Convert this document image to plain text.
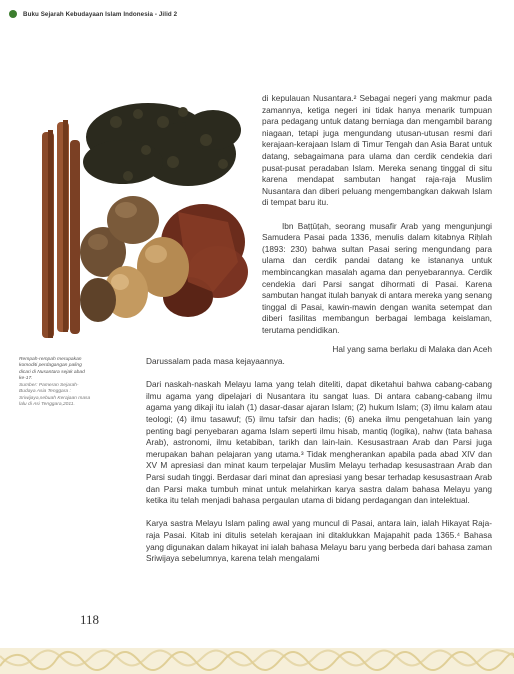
Buku Sejarah Kebudayaan Islam Indonesia - Jilid 2
Rempah-rempah merupakan komoditi perdagangan paling dicari di Nusantara sejak abad ke-17.
Sumber: Pameran Sejarah-Budaya Asia Tenggara : Sriwijaya,sebuah Kerajaan masa lalu di Asi Tenggara,2011.

di kepulauan Nusantara.² Sebagai negeri yang makmur pada zamannya, ketiga negeri ini tidak hanya menarik tumpuan para pedagang untuk datang berniaga dan mengambil barang niagaan, tetapi juga mengundang utusan-utusan resmi dari kerajaan-kerajaan Islam di Timur Tengah dan Asia Barat untuk datang, sebagaimana para ulama dan cerdik cendekia dari pusat-pusat peradaban Islam. Mereka senang tinggal di situ karena mendapat sambutan hangat raja-raja Muslim Nusantara dan diberi peluang mengembangkan dakwah Islam di tempat baru itu.

Ibn Baṭṭūṭah, seorang musafir Arab yang mengunjungi Samudera Pasai pada 1336, menulis dalam kitabnya Riḥlah (1893: 230) bahwa sultan Pasai sering mengundang para ulama dan cerdik pandai datang ke istananya untuk membincangkan masalah agama dan penyebarannya. Cerdik cendekia dari Parsi sangat dihormati di Pasai. Karena sambutan hangat itulah banyak di antara mereka yang senang tinggal di Pasai, kawin-mawin dengan wanita setempat dan diberi fasilitas membangun berbagai lembaga keislaman, terutama pendidikan.

Hal yang sama berlaku di Malaka dan Aceh

Darussalam pada masa kejayaannya.

Dari naskah-naskah Melayu lama yang telah diteliti, dapat diketahui bahwa cabang-cabang ilmu agama yang dipelajari di Nusantara itu sangat luas. Di antara cabang-cabang ilmu agama yang dikaji itu ialah (1) dasar-dasar ajaran Islam; (2) hukum Islam; (3) ilmu kalam atau teologi; (4) ilmu tasawuf; (5) ilmu tafsir dan hadis; (6) aneka ilmu pengetahuan lain yang penting bagi penyebaran agama Islam seperti ilmu hisab, mantiq (logika), nahw (tata bahasa Arab), astronomi, ilmu ketabiban, tarikh dan lain-lain. Kesusastraan Arab dan Parsi juga merupakan bahan pelajaran yang utama.³ Tidak mengherankan apabila pada abad XIV dan XV M apresiasi dan minat kaum terpelajar Muslim Melayu terhadap kesusastraan Arab dan Parsi sudah tinggi. Berdasar dari minat dan apresiasi yang besar terhadap kesusastraan Arab dan Parsi maka tumbuh minat untuk melahirkan karya sastra dalam bahasa Melayu yang ketika itu telah menjadi bahasa pergaulan utama di bidang perdagangan dan intelektual.

Karya sastra Melayu Islam paling awal yang muncul di Pasai, antara lain, ialah Hikayat Raja-raja Pasai. Kitab ini ditulis setelah kerajaan ini ditaklukkan Majapahit pada 1365.⁴ Bahasa yang digunakan dalam hikayat ini ialah bahasa Melayu baru yang berbeda dari bahasa zaman Sriwijaya sebelumnya, karena telah mengalami

118
